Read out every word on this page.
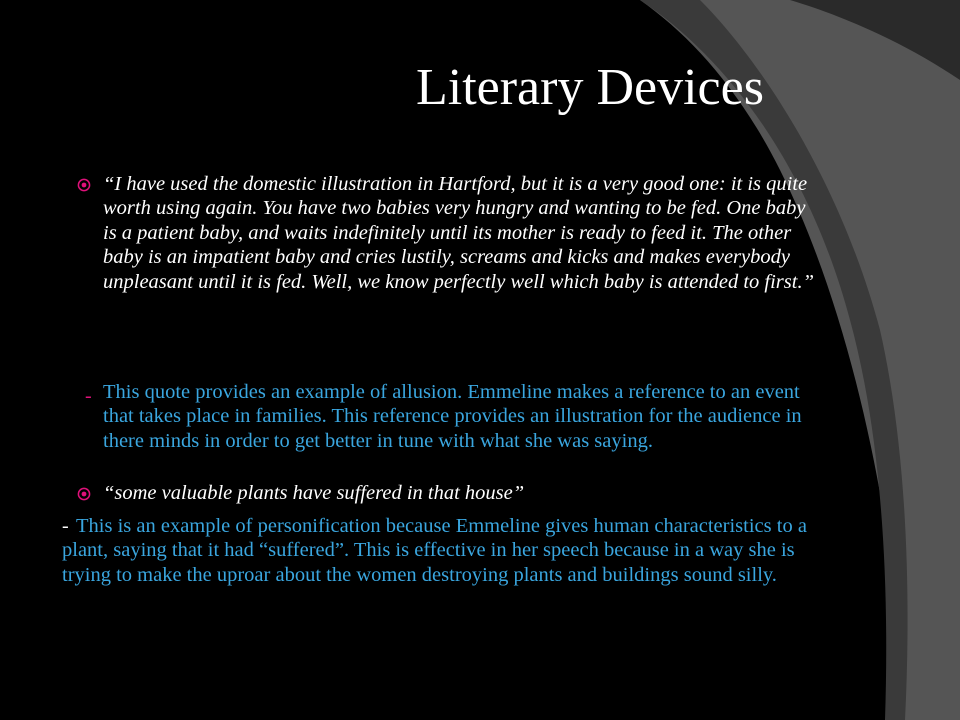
Literary Devices
“I have used the domestic illustration in Hartford, but it is a very good one: it is quite worth using again. You have two babies very hungry and wanting to be fed. One baby is a patient baby, and waits indefinitely until its mother is ready to feed it. The other baby is an impatient baby and cries lustily, screams and kicks and makes everybody unpleasant until it is fed. Well, we know perfectly well which baby is attended to first.”
- This quote provides an example of allusion. Emmeline makes a reference to an event that takes place in families. This reference provides an illustration for the audience in there minds in order to get better in tune with what she was saying.
“some valuable plants have suffered in that house”
- This is an example of personification because Emmeline gives human characteristics to a plant, saying that it had “suffered”. This is effective in her speech because in a way she is trying to make the uproar about the women destroying plants and buildings sound silly.
